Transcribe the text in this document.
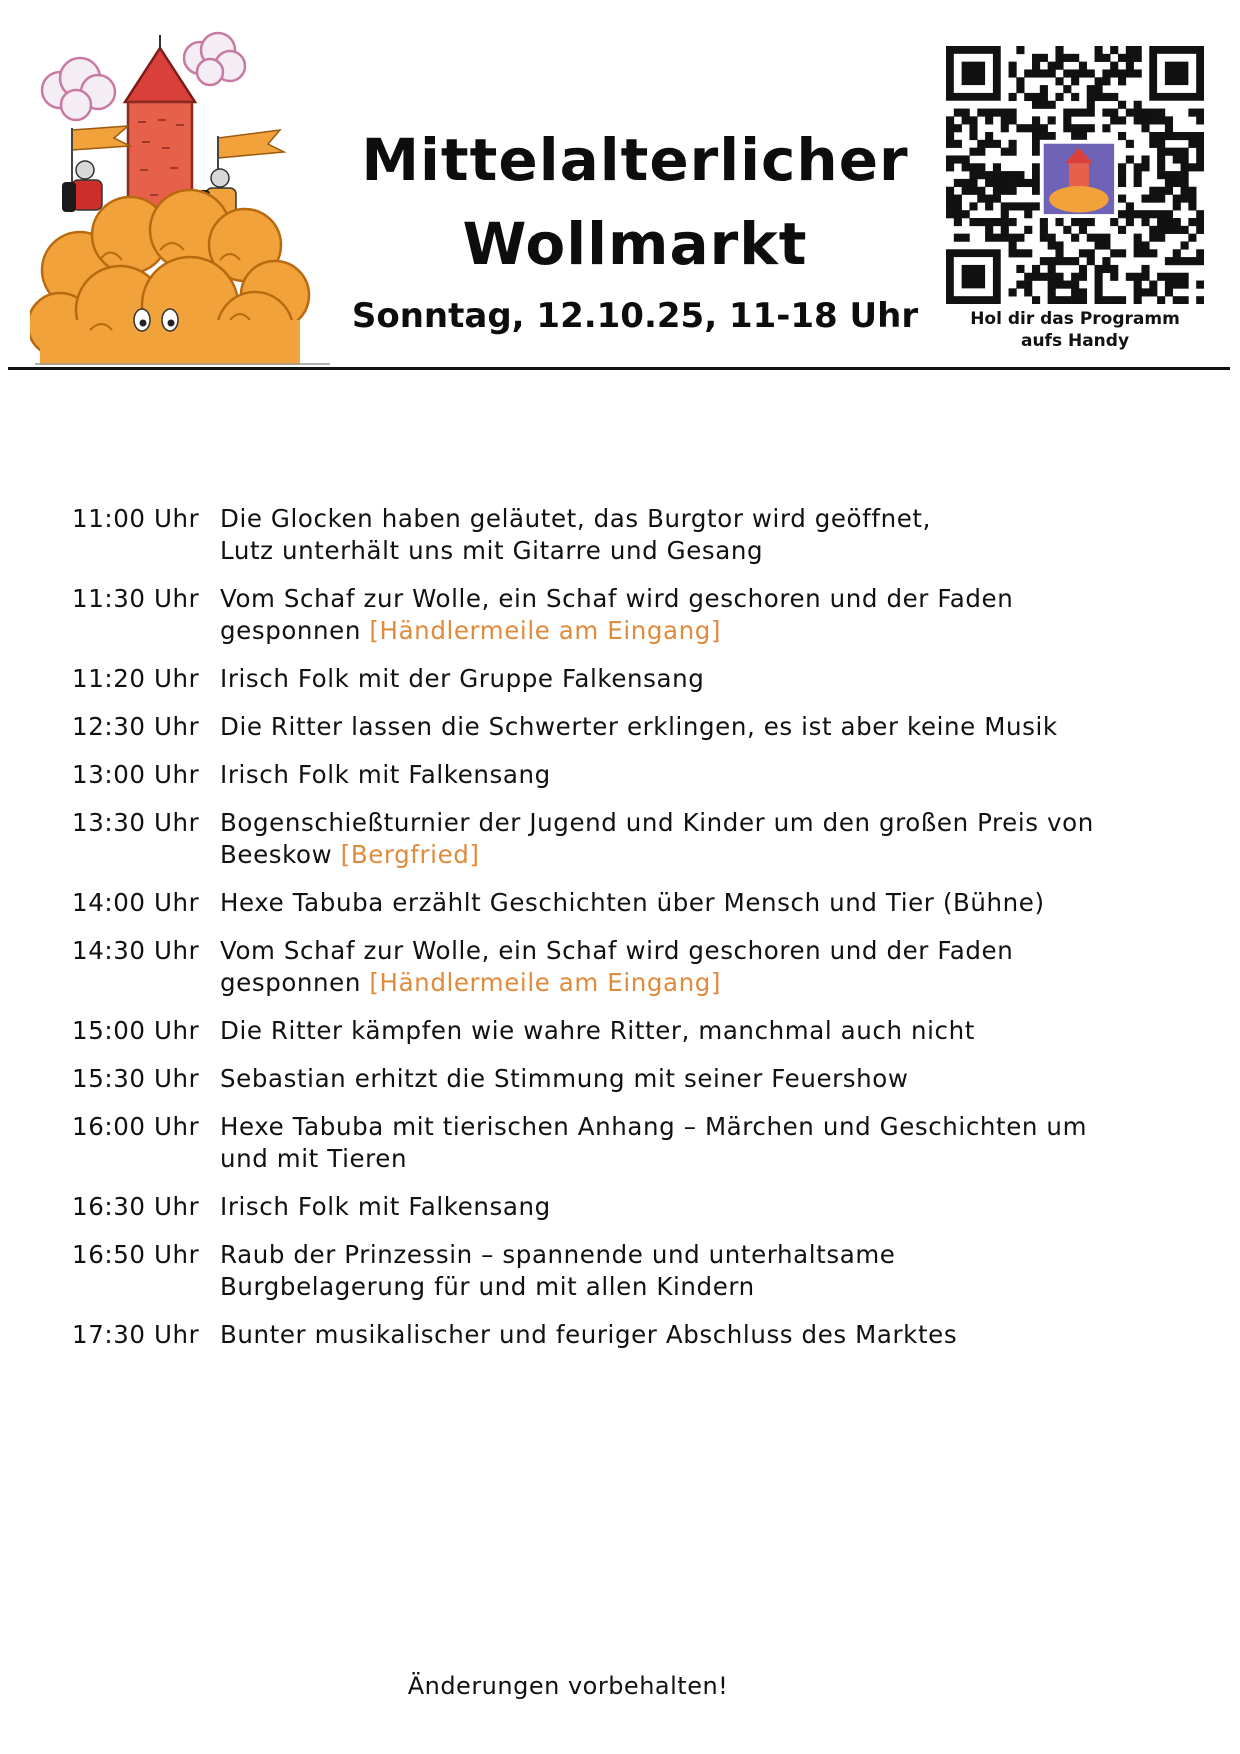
Mittelalterlicher
Wollmarkt
Sonntag, 12.10.25, 11-18 Uhr	Hol dir das Programm
aufs Handy
11:00 Uhr Die Glocken haben geläutet, das Burgtor wird geöffnet,
Lutz unterhält uns mit Gitarre und Gesang
11:30 Uhr Vom Schaf zur Wolle, ein Schaf wird geschoren und der Faden
gesponnen [Händlermeile am Eingang]
11:20 Uhr Irisch Folk mit der Gruppe Falkensang
12:30 Uhr Die Ritter lassen die Schwerter erklingen, es ist aber keine Musik
13:00 Uhr Irisch Folk mit Falkensang
13:30 Uhr Bogenschießturnier der Jugend und Kinder um den großen Preis von
Beeskow [Bergfried]
14:00 Uhr Hexe Tabuba erzählt Geschichten über Mensch und Tier (Bühne)
14:30 Uhr Vom Schaf zur Wolle, ein Schaf wird geschoren und der Faden
gesponnen [Händlermeile am Eingang]
15:00 Uhr Die Ritter kämpfen wie wahre Ritter, manchmal auch nicht
15:30 Uhr Sebastian erhitzt die Stimmung mit seiner Feuershow
16:00 Uhr Hexe Tabuba mit tierischen Anhang – Märchen und Geschichten um
und mit Tieren
16:30 Uhr Irisch Folk mit Falkensang
16:50 Uhr Raub der Prinzessin – spannende und unterhaltsame
Burgbelagerung für und mit allen Kindern
17:30 Uhr Bunter musikalischer und feuriger Abschluss des Marktes
Änderungen vorbehalten!
